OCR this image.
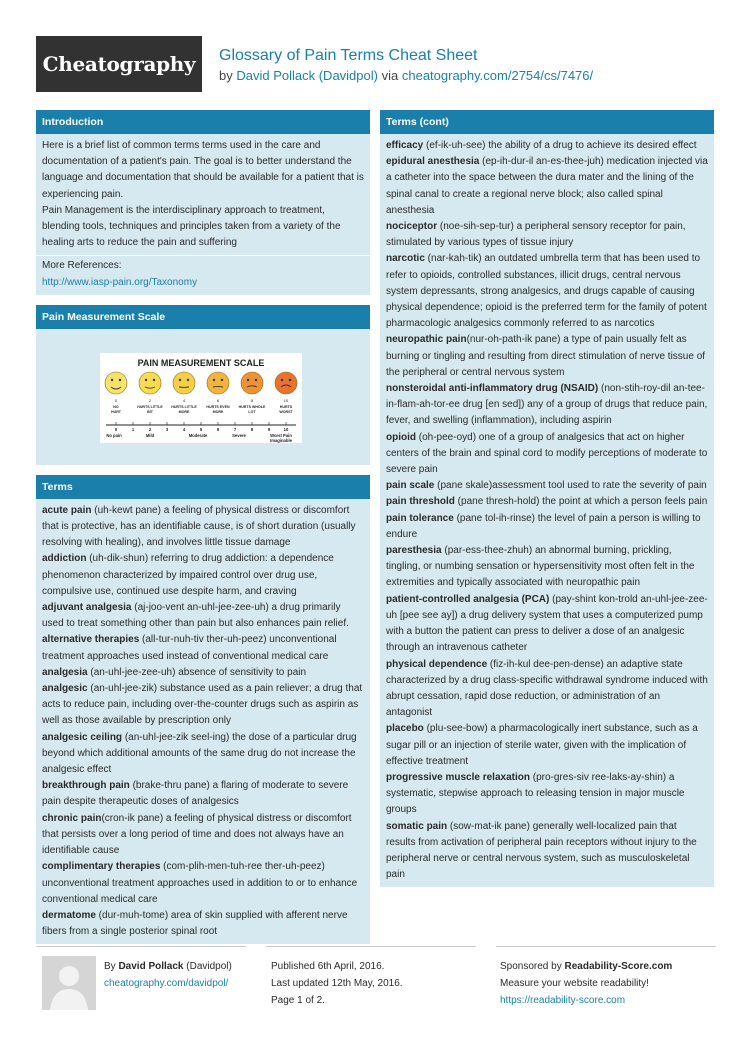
Cheatography Glossary of Pain Terms Cheat Sheet
by David Pollack (Davidpol) via cheatography.com/2754/cs/7476/
Introduction

Here is a brief list of common terms terms used in the care and documentation of a patient's pain. The goal is to better understand the language and documentation that should be available for a patient that is experiencing pain.

Pain Management is the interdisciplinary approach to treatment, blending tools, techniques and principles taken from a variety of the healing arts to reduce the pain and suffering

More References:

http://www.iasp-pain.org/Taxonomy

Pain Measurement Scale
PAIN MEASUREMENT SCALE
0
NO
HURT
2
HURTS LITTLE
BIT
4
HURTS LITTLE
MORE
6
HURTS EVEN
MORE
8
HURTS WHOLE
LOT
10
HURTS
WORST
0	1	2	3	4	5	6	7	8	9	10
No pain	Mild	Moderate	Severe	Worst Pain
Imaginable
Terms

acute pain (uh-kewt pane) a feeling of physical distress or discomfort that is protective, has an identifiable cause, is of short duration (usually resolving with healing), and involves little tissue damage

addiction (uh-dik-shun) referring to drug addiction: a dependence phenomenon characterized by impaired control over drug use, compulsive use, continued use despite harm, and craving

adjuvant analgesia (aj-joo-vent an-uhl-jee-zee-uh) a drug primarily used to treat something other than pain but also enhances pain relief.

alternative therapies (all-tur-nuh-tiv ther-uh-peez) unconventional treatment approaches used instead of conventional medical care

analgesia (an-uhl-jee-zee-uh) absence of sensitivity to pain

analgesic (an-uhl-jee-zik) substance used as a pain reliever; a drug that acts to reduce pain, including over-the-counter drugs such as aspirin as well as those available by prescription only

analgesic ceiling (an-uhl-jee-zik seel-ing) the dose of a particular drug beyond which additional amounts of the same drug do not increase the analgesic effect

breakthrough pain (brake-thru pane) a flaring of moderate to severe pain despite therapeutic doses of analgesics

chronic pain(cron-ik pane) a feeling of physical distress or discomfort that persists over a long period of time and does not always have an identifiable cause

complimentary therapies (com-plih-men-tuh-ree ther-uh-peez) unconventional treatment approaches used in addition to or to enhance conventional medical care

dermatome (dur-muh-tome) area of skin supplied with afferent nerve fibers from a single posterior spinal root

Terms (cont)

efficacy (ef-ik-uh-see) the ability of a drug to achieve its desired effect

epidural anesthesia (ep-ih-dur-il an-es-thee-juh) medication injected via a catheter into the space between the dura mater and the lining of the spinal canal to create a regional nerve block; also called spinal anesthesia

nociceptor (noe-sih-sep-tur) a peripheral sensory receptor for pain, stimulated by various types of tissue injury

narcotic (nar-kah-tik) an outdated umbrella term that has been used to refer to opioids, controlled substances, illicit drugs, central nervous system depressants, strong analgesics, and drugs capable of causing physical dependence; opioid is the preferred term for the family of potent pharmacologic analgesics commonly referred to as narcotics

neuropathic pain(nur-oh-path-ik pane) a type of pain usually felt as burning or tingling and resulting from direct stimulation of nerve tissue of the peripheral or central nervous system

nonsteroidal anti-inflammatory drug (NSAID) (non-stih-roy-dil an-tee-in-flam-ah-tor-ee drug [en sed]) any of a group of drugs that reduce pain, fever, and swelling (inflammation), including aspirin

opioid (oh-pee-oyd) one of a group of analgesics that act on higher centers of the brain and spinal cord to modify perceptions of moderate to severe pain

pain scale (pane skale)assessment tool used to rate the severity of pain

pain threshold (pane thresh-hold) the point at which a person feels pain

pain tolerance (pane tol-ih-rinse) the level of pain a person is willing to endure

paresthesia (par-ess-thee-zhuh) an abnormal burning, prickling, tingling, or numbing sensation or hypersensitivity most often felt in the extremities and typically associated with neuropathic pain

patient-controlled analgesia (PCA) (pay-shint kon-trold an-uhl-jee-zee-uh [pee see ay]) a drug delivery system that uses a computerized pump with a button the patient can press to deliver a dose of an analgesic through an intravenous catheter

physical dependence (fiz-ih-kul dee-pen-dense) an adaptive state characterized by a drug class-specific withdrawal syndrome induced with abrupt cessation, rapid dose reduction, or administration of an antagonist

placebo (plu-see-bow) a pharmacologically inert substance, such as a sugar pill or an injection of sterile water, given with the implication of effective treatment

progressive muscle relaxation (pro-gres-siv ree-laks-ay-shin) a systematic, stepwise approach to releasing tension in major muscle groups

somatic pain (sow-mat-ik pane) generally well-localized pain that results from activation of peripheral pain receptors without injury to the peripheral nerve or central nervous system, such as musculoskeletal pain

By David Pollack (Davidpol)
cheatography.com/davidpol/
Published 6th April, 2016.
Last updated 12th May, 2016.
Page 1 of 2.
Sponsored by Readability-Score.com
Measure your website readability!
https://readability-score.com
